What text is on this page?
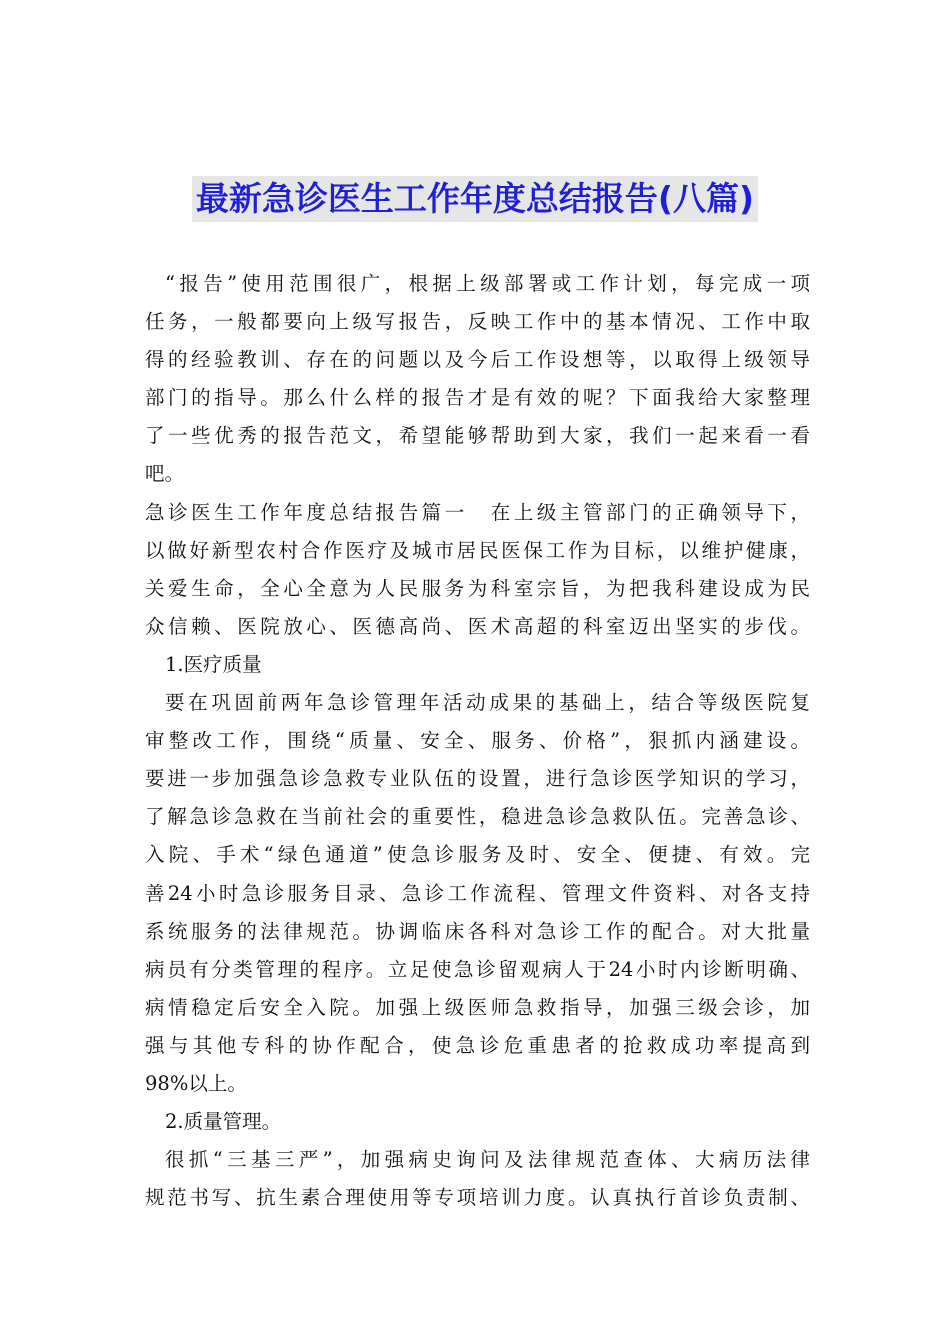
最新急诊医生工作年度总结报告(八篇)
“报告”使用范围很广，根据上级部署或工作计划，每完成一项
任务，一般都要向上级写报告，反映工作中的基本情况、工作中取
得的经验教训、存在的问题以及今后工作设想等，以取得上级领导
部门的指导。那么什么样的报告才是有效的呢？下面我给大家整理
了一些优秀的报告范文，希望能够帮助到大家，我们一起来看一看
吧。
急诊医生工作年度总结报告篇一　在上级主管部门的正确领导下，
以做好新型农村合作医疗及城市居民医保工作为目标，以维护健康，
关爱生命，全心全意为人民服务为科室宗旨，为把我科建设成为民
众信赖、医院放心、医德高尚、医术高超的科室迈出坚实的步伐。
1.医疗质量
要在巩固前两年急诊管理年活动成果的基础上，结合等级医院复
审整改工作，围绕“质量、安全、服务、价格”，狠抓内涵建设。
要进一步加强急诊急救专业队伍的设置，进行急诊医学知识的学习，
了解急诊急救在当前社会的重要性，稳进急诊急救队伍。完善急诊、
入院、手术“绿色通道”使急诊服务及时、安全、便捷、有效。完
善24小时急诊服务目录、急诊工作流程、管理文件资料、对各支持
系统服务的法律规范。协调临床各科对急诊工作的配合。对大批量
病员有分类管理的程序。立足使急诊留观病人于24小时内诊断明确、
病情稳定后安全入院。加强上级医师急救指导，加强三级会诊，加
强与其他专科的协作配合，使急诊危重患者的抢救成功率提高到
98%以上。
2.质量管理。
很抓“三基三严”，加强病史询问及法律规范查体、大病历法律
规范书写、抗生素合理使用等专项培训力度。认真执行首诊负责制、
